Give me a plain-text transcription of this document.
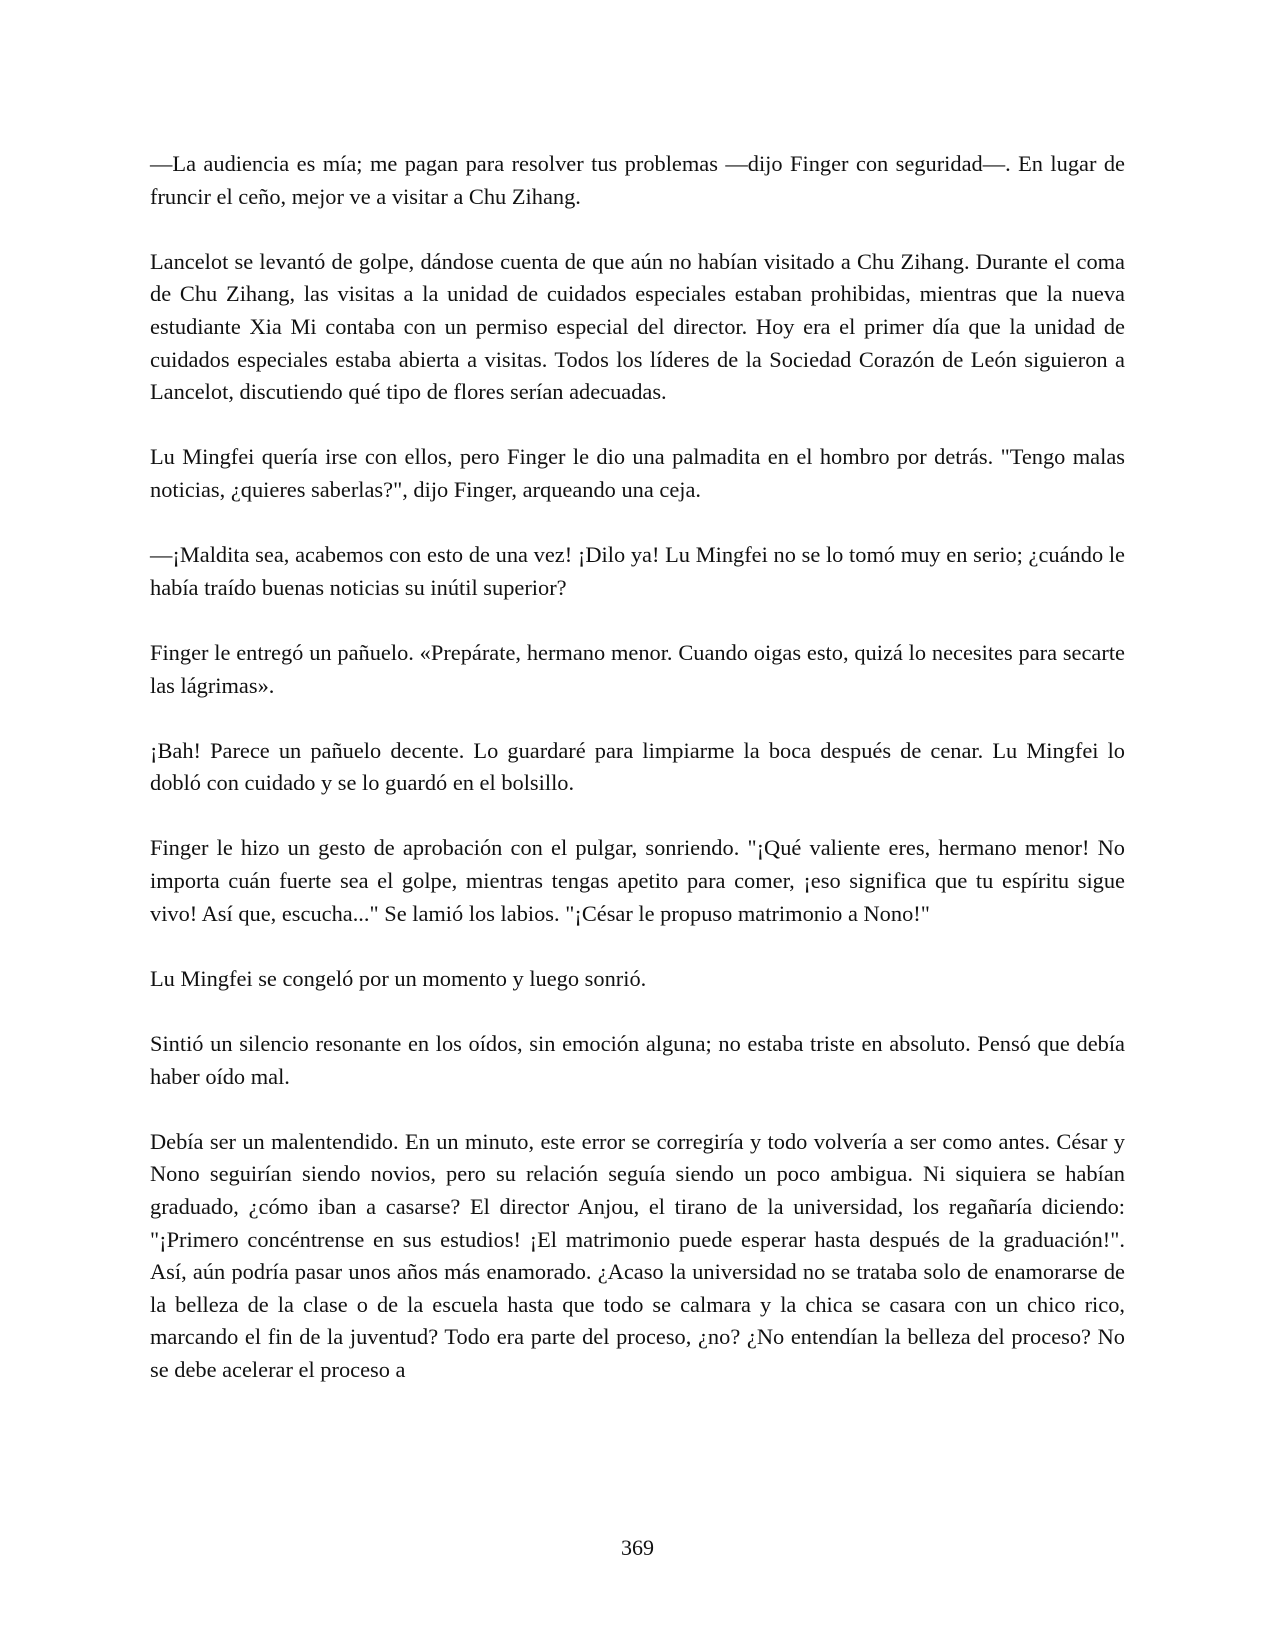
—La audiencia es mía; me pagan para resolver tus problemas —dijo Finger con seguridad—. En lugar de fruncir el ceño, mejor ve a visitar a Chu Zihang.

Lancelot se levantó de golpe, dándose cuenta de que aún no habían visitado a Chu Zihang. Durante el coma de Chu Zihang, las visitas a la unidad de cuidados especiales estaban prohibidas, mientras que la nueva estudiante Xia Mi contaba con un permiso especial del director. Hoy era el primer día que la unidad de cuidados especiales estaba abierta a visitas. Todos los líderes de la Sociedad Corazón de León siguieron a Lancelot, discutiendo qué tipo de flores serían adecuadas.

Lu Mingfei quería irse con ellos, pero Finger le dio una palmadita en el hombro por detrás. "Tengo malas noticias, ¿quieres saberlas?", dijo Finger, arqueando una ceja.

—¡Maldita sea, acabemos con esto de una vez! ¡Dilo ya! Lu Mingfei no se lo tomó muy en serio; ¿cuándo le había traído buenas noticias su inútil superior?

Finger le entregó un pañuelo. «Prepárate, hermano menor. Cuando oigas esto, quizá lo necesites para secarte las lágrimas».

¡Bah! Parece un pañuelo decente. Lo guardaré para limpiarme la boca después de cenar. Lu Mingfei lo dobló con cuidado y se lo guardó en el bolsillo.

Finger le hizo un gesto de aprobación con el pulgar, sonriendo. "¡Qué valiente eres, hermano menor! No importa cuán fuerte sea el golpe, mientras tengas apetito para comer, ¡eso significa que tu espíritu sigue vivo! Así que, escucha..." Se lamió los labios. "¡César le propuso matrimonio a Nono!"

Lu Mingfei se congeló por un momento y luego sonrió.

Sintió un silencio resonante en los oídos, sin emoción alguna; no estaba triste en absoluto. Pensó que debía haber oído mal.

Debía ser un malentendido. En un minuto, este error se corregiría y todo volvería a ser como antes. César y Nono seguirían siendo novios, pero su relación seguía siendo un poco ambigua. Ni siquiera se habían graduado, ¿cómo iban a casarse? El director Anjou, el tirano de la universidad, los regañaría diciendo: "¡Primero concéntrense en sus estudios! ¡El matrimonio puede esperar hasta después de la graduación!". Así, aún podría pasar unos años más enamorado. ¿Acaso la universidad no se trataba solo de enamorarse de la belleza de la clase o de la escuela hasta que todo se calmara y la chica se casara con un chico rico, marcando el fin de la juventud? Todo era parte del proceso, ¿no? ¿No entendían la belleza del proceso? No se debe acelerar el proceso a

369
